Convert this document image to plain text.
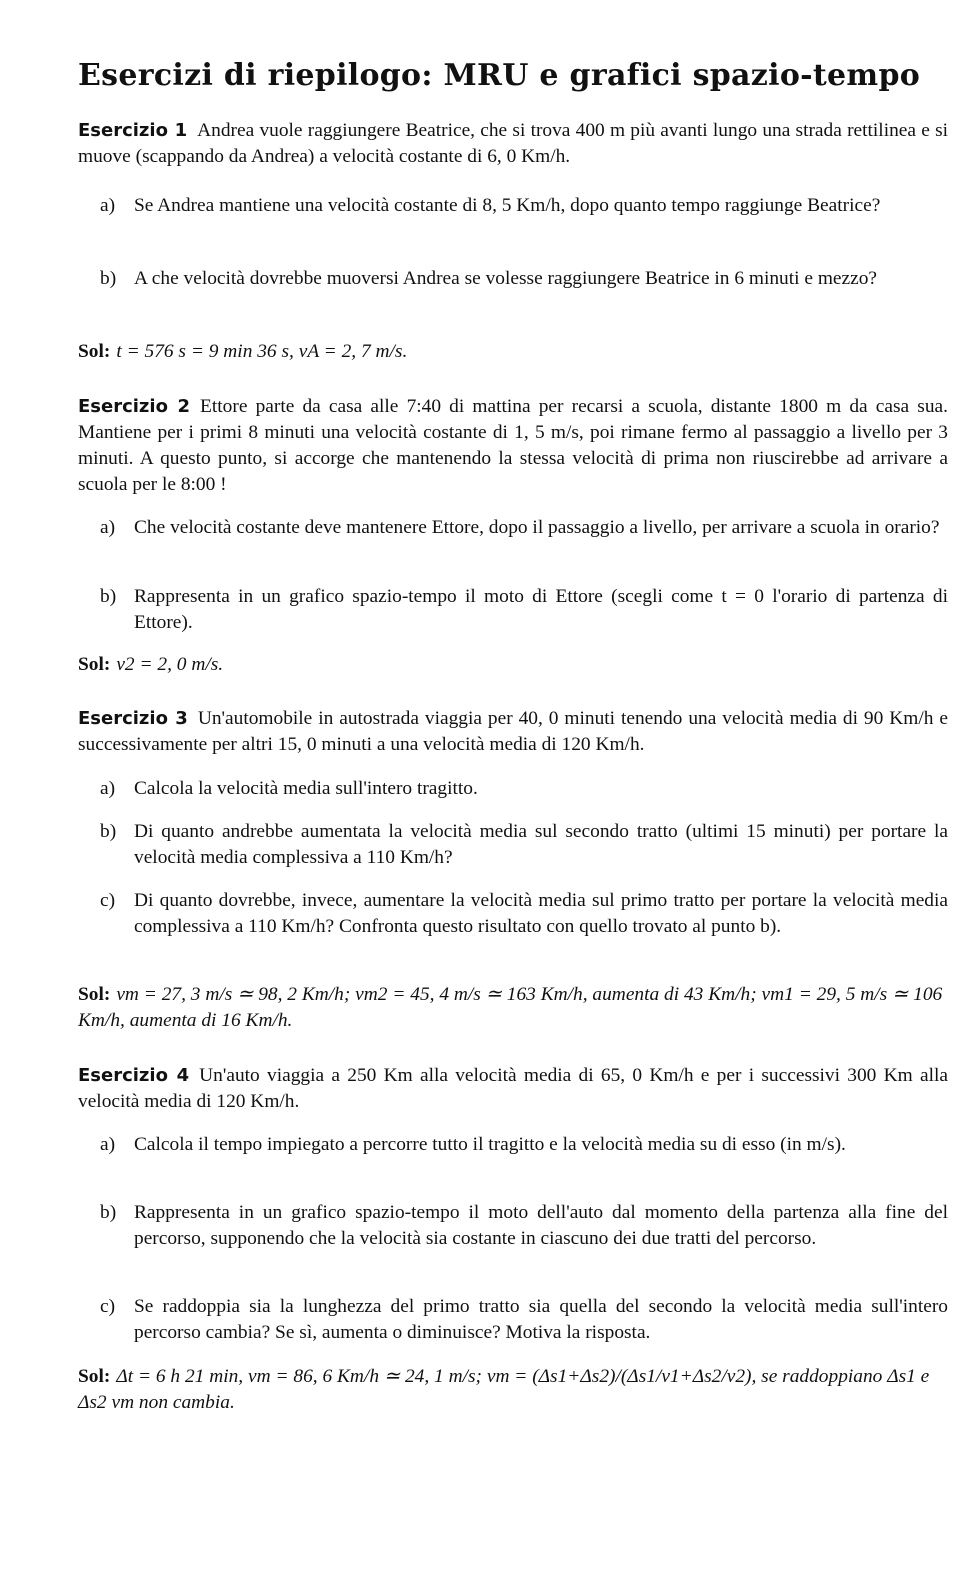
Esercizi di riepilogo: MRU e grafici spazio-tempo

Esercizio 1 Andrea vuole raggiungere Beatrice, che si trova 400 m più avanti lungo una strada rettilinea e si muove (scappando da Andrea) a velocità costante di 6, 0 Km/h.

a) Se Andrea mantiene una velocità costante di 8, 5 Km/h, dopo quanto tempo raggiunge Beatrice?
b) A che velocità dovrebbe muoversi Andrea se volesse raggiungere Beatrice in 6 minuti e mezzo?

Sol: t = 576 s = 9 min 36 s, vA = 2, 7 m/s.

Esercizio 2 Ettore parte da casa alle 7:40 di mattina per recarsi a scuola, distante 1800 m da casa sua. Mantiene per i primi 8 minuti una velocità costante di 1, 5 m/s, poi rimane fermo al passaggio a livello per 3 minuti. A questo punto, si accorge che mantenendo la stessa velocità di prima non riuscirebbe ad arrivare a scuola per le 8:00 !

a) Che velocità costante deve mantenere Ettore, dopo il passaggio a livello, per arrivare a scuola in orario?
b) Rappresenta in un grafico spazio-tempo il moto di Ettore (scegli come t = 0 l'orario di partenza di Ettore).

Sol: v2 = 2, 0 m/s.

Esercizio 3 Un'automobile in autostrada viaggia per 40, 0 minuti tenendo una velocità media di 90 Km/h e successivamente per altri 15, 0 minuti a una velocità media di 120 Km/h.

a) Calcola la velocità media sull'intero tragitto.
b) Di quanto andrebbe aumentata la velocità media sul secondo tratto (ultimi 15 minuti) per portare la velocità media complessiva a 110 Km/h?
c) Di quanto dovrebbe, invece, aumentare la velocità media sul primo tratto per portare la velocità media complessiva a 110 Km/h? Confronta questo risultato con quello trovato al punto b).

Sol: vm = 27, 3 m/s ≃ 98, 2 Km/h; vm2 = 45, 4 m/s ≃ 163 Km/h, aumenta di 43 Km/h; vm1 = 29, 5 m/s ≃ 106 Km/h, aumenta di 16 Km/h.

Esercizio 4 Un'auto viaggia a 250 Km alla velocità media di 65, 0 Km/h e per i successivi 300 Km alla velocità media di 120 Km/h.

a) Calcola il tempo impiegato a percorre tutto il tragitto e la velocità media su di esso (in m/s).
b) Rappresenta in un grafico spazio-tempo il moto dell'auto dal momento della partenza alla fine del percorso, supponendo che la velocità sia costante in ciascuno dei due tratti del percorso.
c) Se raddoppia sia la lunghezza del primo tratto sia quella del secondo la velocità media sull'intero percorso cambia? Se sì, aumenta o diminuisce? Motiva la risposta.

Sol: Δt = 6 h 21 min, vm = 86, 6 Km/h ≃ 24, 1 m/s; vm = (Δs1+Δs2)/(Δs1/v1+Δs2/v2), se raddoppiano Δs1 e Δs2 vm non cambia.
